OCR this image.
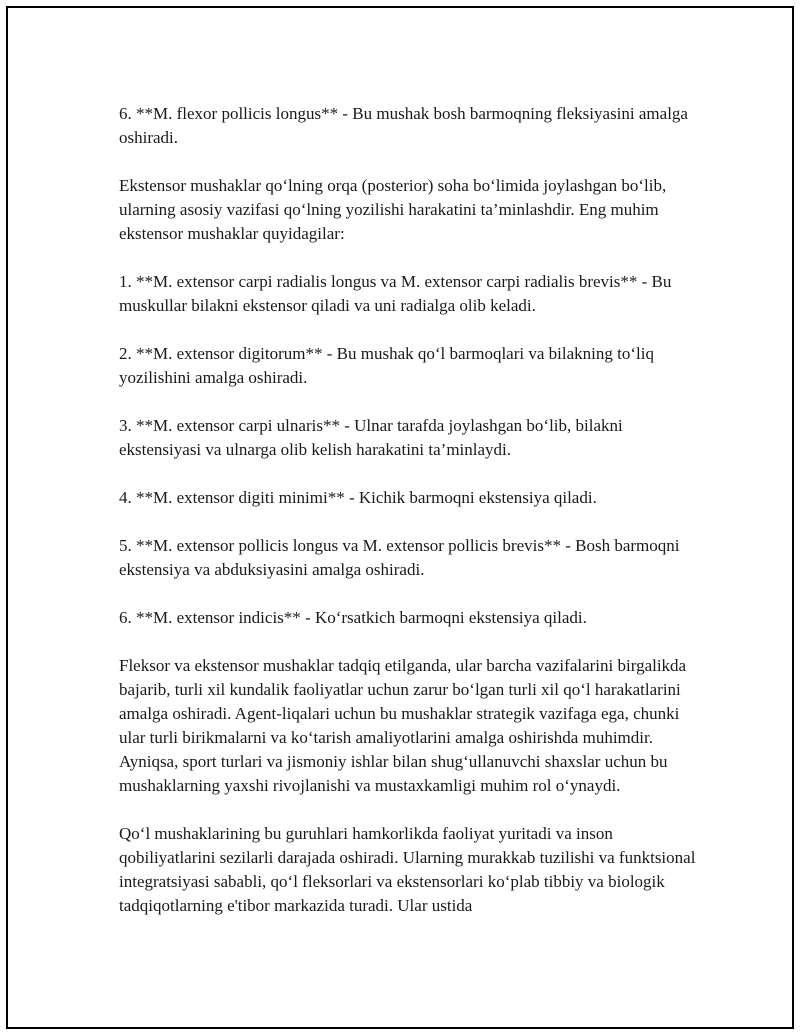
6. **M. flexor pollicis longus** - Bu mushak bosh barmoqning fleksiyasini amalga oshiradi.

Ekstensor mushaklar qo‘lning orqa (posterior) soha bo‘limida joylashgan bo‘lib, ularning asosiy vazifasi qo‘lning yozilishi harakatini ta’minlashdir. Eng muhim ekstensor mushaklar quyidagilar:

1. **M. extensor carpi radialis longus va M. extensor carpi radialis brevis** - Bu muskullar bilakni ekstensor qiladi va uni radialga olib keladi.

2. **M. extensor digitorum** - Bu mushak qo‘l barmoqlari va bilakning to‘liq yozilishini amalga oshiradi.

3. **M. extensor carpi ulnaris** - Ulnar tarafda joylashgan bo‘lib, bilakni ekstensiyasi va ulnarga olib kelish harakatini ta’minlaydi.

4. **M. extensor digiti minimi** - Kichik barmoqni ekstensiya qiladi.

5. **M. extensor pollicis longus va M. extensor pollicis brevis** - Bosh barmoqni ekstensiya va abduksiyasini amalga oshiradi.

6. **M. extensor indicis** - Ko‘rsatkich barmoqni ekstensiya qiladi.

Fleksor va ekstensor mushaklar tadqiq etilganda, ular barcha vazifalarini birgalikda bajarib, turli xil kundalik faoliyatlar uchun zarur bo‘lgan turli xil qo‘l harakatlarini amalga oshiradi. Agent-liqalari uchun bu mushaklar strategik vazifaga ega, chunki ular turli birikmalarni va ko‘tarish amaliyotlarini amalga oshirishda muhimdir. Ayniqsa, sport turlari va jismoniy ishlar bilan shug‘ullanuvchi shaxslar uchun bu mushaklarning yaxshi rivojlanishi va mustaxkamligi muhim rol o‘ynaydi.

Qo‘l mushaklarining bu guruhlari hamkorlikda faoliyat yuritadi va inson qobiliyatlarini sezilarli darajada oshiradi. Ularning murakkab tuzilishi va funktsional integratsiyasi sababli, qo‘l fleksorlari va ekstensorlari ko‘plab tibbiy va biologik tadqiqotlarning e'tibor markazida turadi. Ular ustida
